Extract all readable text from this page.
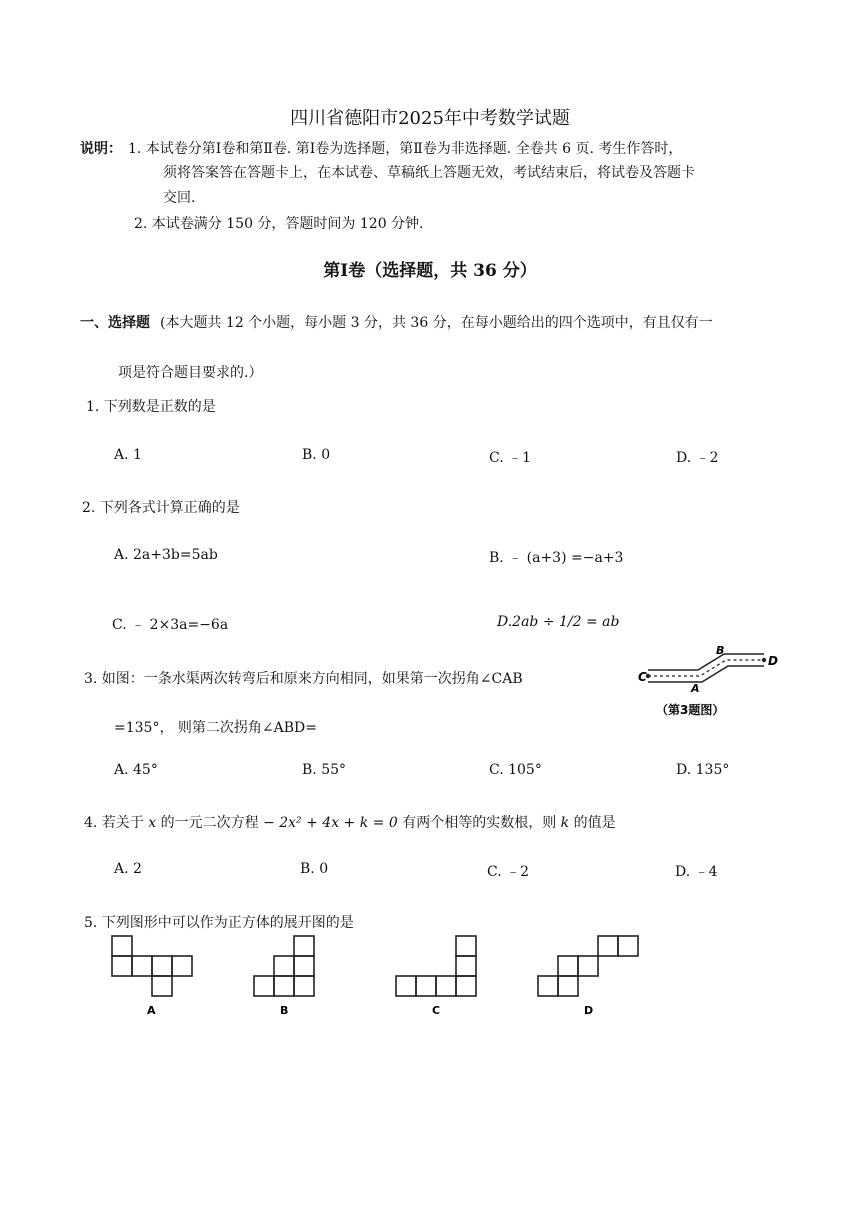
四川省德阳市2025年中考数学试题
说明： 1. 本试卷分第Ⅰ卷和第Ⅱ卷. 第Ⅰ卷为选择题，第Ⅱ卷为非选择题. 全卷共 6 页. 考生作答时，
须将答案答在答题卡上，在本试卷、草稿纸上答题无效，考试结束后，将试卷及答题卡
交回.
2. 本试卷满分 150 分，答题时间为 120 分钟.
第Ⅰ卷（选择题，共 36 分）
一、选择题 (本大题共 12 个小题，每小题 3 分，共 36 分，在每小题给出的四个选项中，有且仅有一
项是符合题目要求的.）
1. 下列数是正数的是
A. 1	B. 0	C. ﹣1	D. ﹣2
2. 下列各式计算正确的是
A. 2a+3b=5ab	B. ﹣ (a+3) =−a+3
C. ﹣ 2×3a=−6a	D.2ab ÷ 1/2 = ab
3. 如图：一条水渠两次转弯后和原来方向相同，如果第一次拐角∠CAB
=135°， 则第二次拐角∠ABD=
C
A
B
D
（第3题图）
A. 45°	B. 55°	C. 105°	D. 135°
4. 若关于 x 的一元二次方程 − 2x² + 4x + k = 0 有两个相等的实数根，则 k 的值是
A. 2	B. 0	C. ﹣2	D. ﹣4
5. 下列图形中可以作为正方体的展开图的是
A	B	C	D
